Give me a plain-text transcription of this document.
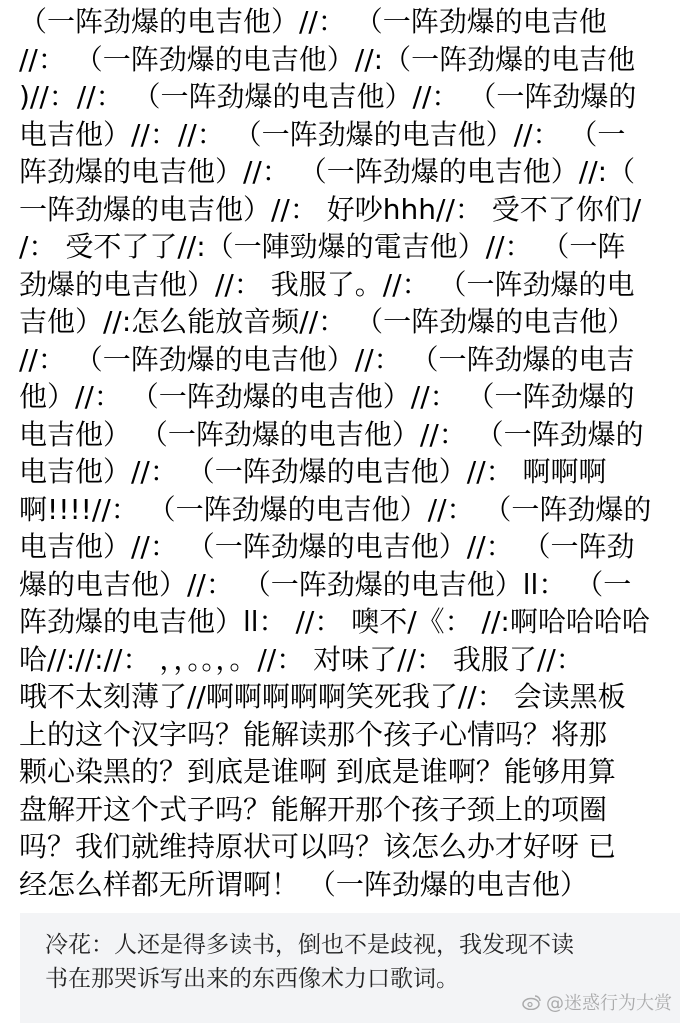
（一阵劲爆的电吉他）//： （一阵劲爆的电吉他
//： （一阵劲爆的电吉他）//:（一阵劲爆的电吉他
)//：//： （一阵劲爆的电吉他）//： （一阵劲爆的
电吉他）//：//： （一阵劲爆的电吉他）//： （一
阵劲爆的电吉他）//： （一阵劲爆的电吉他）//:（
一阵劲爆的电吉他）//： 好吵hhh//： 受不了你们/
/： 受不了了//:（一陣勁爆的電吉他）//： （一阵
劲爆的电吉他）//： 我服了。//： （一阵劲爆的电
吉他）//:怎么能放音频//： （一阵劲爆的电吉他）
//： （一阵劲爆的电吉他）//： （一阵劲爆的电吉
他）//： （一阵劲爆的电吉他）//： （一阵劲爆的
电吉他） （一阵劲爆的电吉他）//： （一阵劲爆的
电吉他）//： （一阵劲爆的电吉他）//： 啊啊啊
啊!!!!//： （一阵劲爆的电吉他）//： （一阵劲爆的
电吉他）//： （一阵劲爆的电吉他）//： （一阵劲
爆的电吉他）//： （一阵劲爆的电吉他）ll： （一
阵劲爆的电吉他）ll： //： 噢不/《： //:啊哈哈哈哈
哈//://://： ，，。。，。//： 对味了//： 我服了//：
哦不太刻薄了//啊啊啊啊啊笑死我了//： 会读黑板
上的这个汉字吗？能解读那个孩子心情吗？将那
颗心染黑的？到底是谁啊 到底是谁啊？能够用算
盘解开这个式子吗？能解开那个孩子颈上的项圈
吗？我们就维持原状可以吗？该怎么办才好呀 已
经怎么样都无所谓啊！ （一阵劲爆的电吉他）
冷花：人还是得多读书，倒也不是歧视，我发现不读
书在那哭诉写出来的东西像术力口歌词。
@迷惑行为大赏
